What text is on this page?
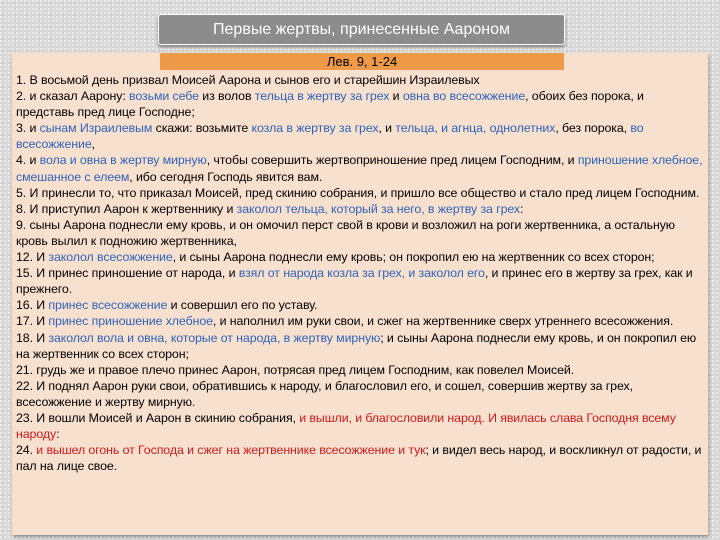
Первые жертвы, принесенные Аароном
Лев. 9, 1-24
1. В восьмой день призвал Моисей Аарона и сынов его и старейшин Израилевых
2. и сказал Аарону: возьми себе из волов тельца в жертву за грех и овна во всесожжение, обоих без порока, и представь пред лице Господне;
3. и сынам Израилевым скажи: возьмите козла в жертву за грех, и тельца, и агнца, однолетних, без порока, во всесожжение,
4. и вола и овна в жертву мирную, чтобы совершить жертвоприношение пред лицем Господним, и приношение хлебное, смешанное с елеем, ибо сегодня Господь явится вам.
5. И принесли то, что приказал Моисей, пред скинию собрания, и пришло все общество и стало пред лицем Господним.
8. И приступил Аарон к жертвеннику и заколол тельца, который за него, в жертву за грех:
9. сыны Аарона поднесли ему кровь, и он омочил перст свой в крови и возложил на роги жертвенника, а остальную кровь вылил к подножию жертвенника,
12. И заколол всесожжение, и сыны Аарона поднесли ему кровь; он покропил ею на жертвенник со всех сторон;
15. И принес приношение от народа, и взял от народа козла за грех, и заколол его, и принес его в жертву за грех, как и прежнего.
16. И принес всесожжение и совершил его по уставу.
17. И принес приношение хлебное, и наполнил им руки свои, и сжег на жертвеннике сверх утреннего всесожжения.
18. И заколол вола и овна, которые от народа, в жертву мирную; и сыны Аарона поднесли ему кровь, и он покропил ею на жертвенник со всех сторон;
21. грудь же и правое плечо принес Аарон, потрясая пред лицем Господним, как повелел Моисей.
22. И поднял Аарон руки свои, обратившись к народу, и благословил его, и сошел, совершив жертву за грех, всесожжение и жертву мирную.
23. И вошли Моисей и Аарон в скинию собрания, и вышли, и благословили народ. И явилась слава Господня всему народу:
24. и вышел огонь от Господа и сжег на жертвеннике всесожжение и тук; и видел весь народ, и воскликнул от радости, и пал на лице свое.
